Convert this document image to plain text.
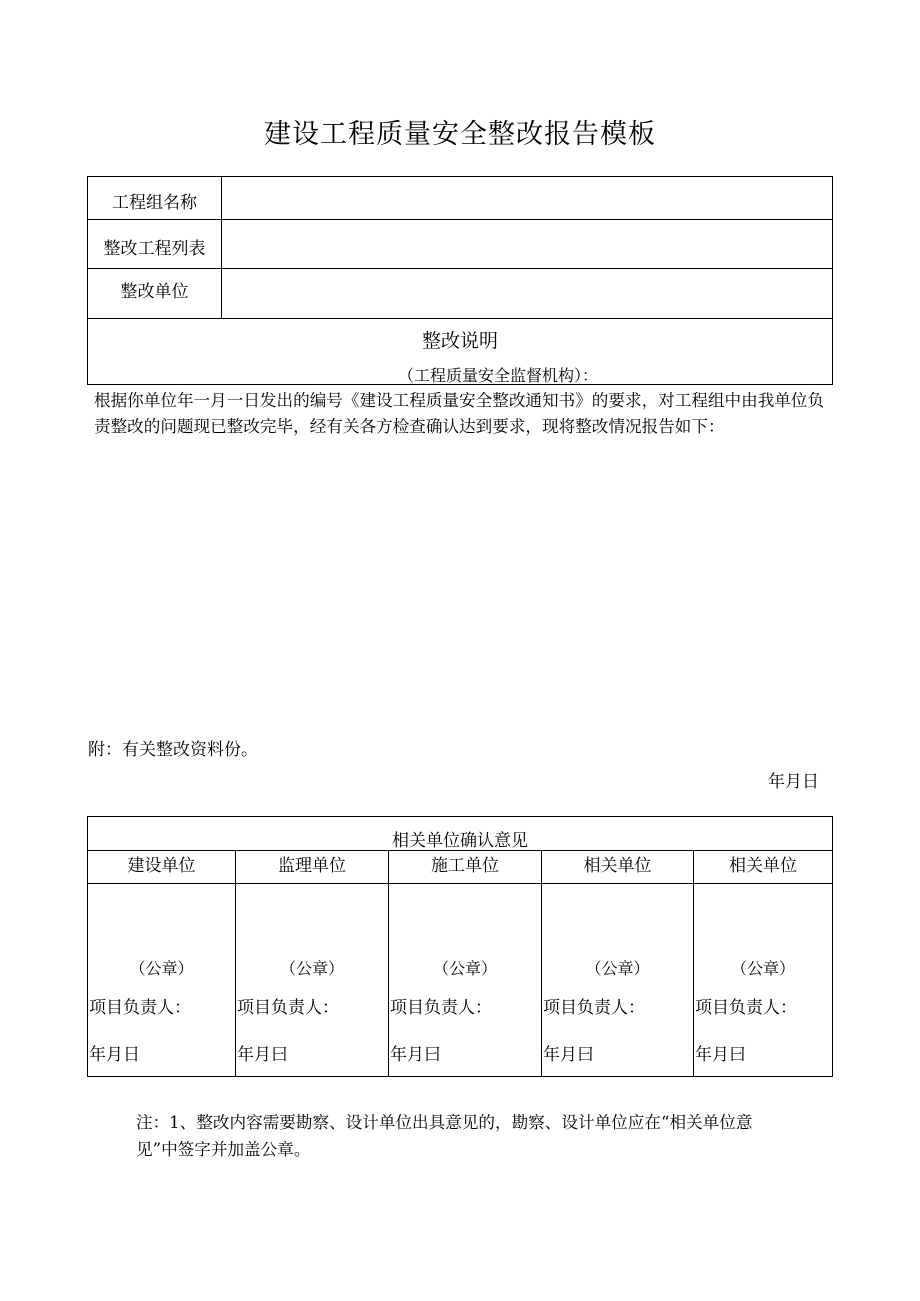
建设工程质量安全整改报告模板
工程组名称
整改工程列表
整改单位
整改说明
（工程质量安全监督机构）：
根据你单位年一月一日发出的编号《建设工程质量安全整改通知书》的要求，对工程组中由我单位负责整改的问题现已整改完毕，经有关各方检查确认达到要求，现将整改情况报告如下：
附：有关整改资料份。
年月日
相关单位确认意见
建设单位
（公章）
项目负责人：
年月日
监理单位
（公章）
项目负责人：
年月曰
施工单位
（公章）
项目负责人：
年月曰
相关单位
（公章）
项目负责人：
年月曰
相关单位
（公章）
项目负责人：
年月曰
注：1、整改内容需要勘察、设计单位出具意见的，勘察、设计单位应在“相关单位意
见”中签字并加盖公章。
